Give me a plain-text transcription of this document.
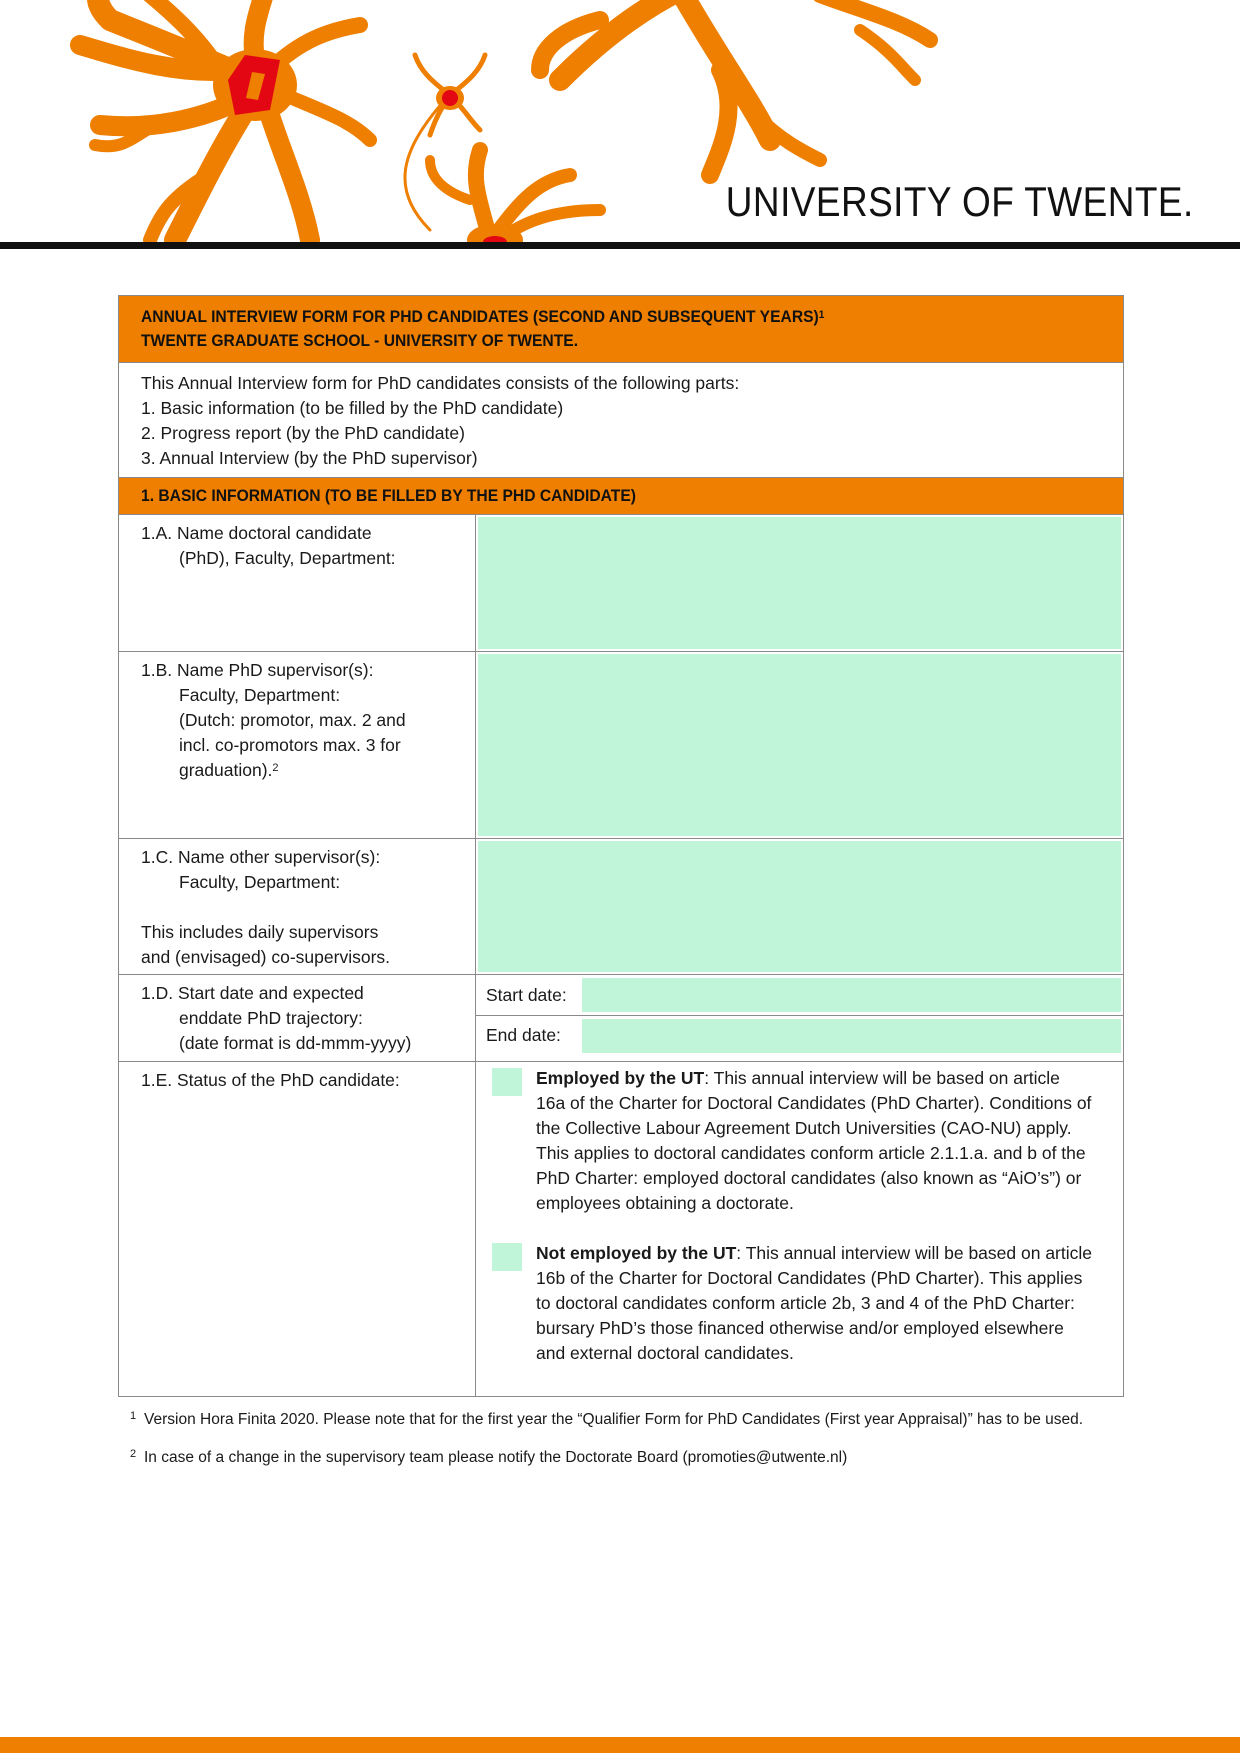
UNIVERSITY OF TWENTE.
ANNUAL INTERVIEW FORM FOR PHD CANDIDATES (SECOND AND SUBSEQUENT YEARS)$^1$
TWENTE GRADUATE SCHOOL - UNIVERSITY OF TWENTE.
This Annual Interview form for PhD candidates consists of the following parts:
1. Basic information (to be filled by the PhD candidate)
2. Progress report (by the PhD candidate)
3. Annual Interview (by the PhD supervisor)
1. BASIC INFORMATION (TO BE FILLED BY THE PHD CANDIDATE)
1.A. Name doctoral candidate
(PhD), Faculty, Department:
1.B. Name PhD supervisor(s):
Faculty, Department:
(Dutch: promotor, max. 2 and
incl. co-promotors max. 3 for
graduation).$^2$
1.C. Name other supervisor(s):
Faculty, Department:
This includes daily supervisors
and (envisaged) co-supervisors.
1.D. Start date and expected
enddate PhD trajectory:
(date format is dd-mmm-yyyy)
Start date:
End date:
1.E. Status of the PhD candidate:	Employed by the UT: This annual interview will be based on article 16a of the Charter for Doctoral Candidates (PhD Charter). Conditions of the Collective Labour Agreement Dutch Universities (CAO-NU) apply. This applies to doctoral candidates conform article 2.1.1.a. and b of the PhD Charter: employed doctoral candidates (also known as “AiO’s”) or employees obtaining a doctorate.

Not employed by the UT: This annual interview will be based on article 16b of the Charter for Doctoral Candidates (PhD Charter). This applies to doctoral candidates conform article 2b, 3 and 4 of the PhD Charter: bursary PhD’s those financed otherwise and/or employed elsewhere and external doctoral candidates.

1 Version Hora Finita 2020. Please note that for the first year the “Qualifier Form for PhD Candidates (First year Appraisal)” has to be used.
2 In case of a change in the supervisory team please notify the Doctorate Board (promoties@utwente.nl)
